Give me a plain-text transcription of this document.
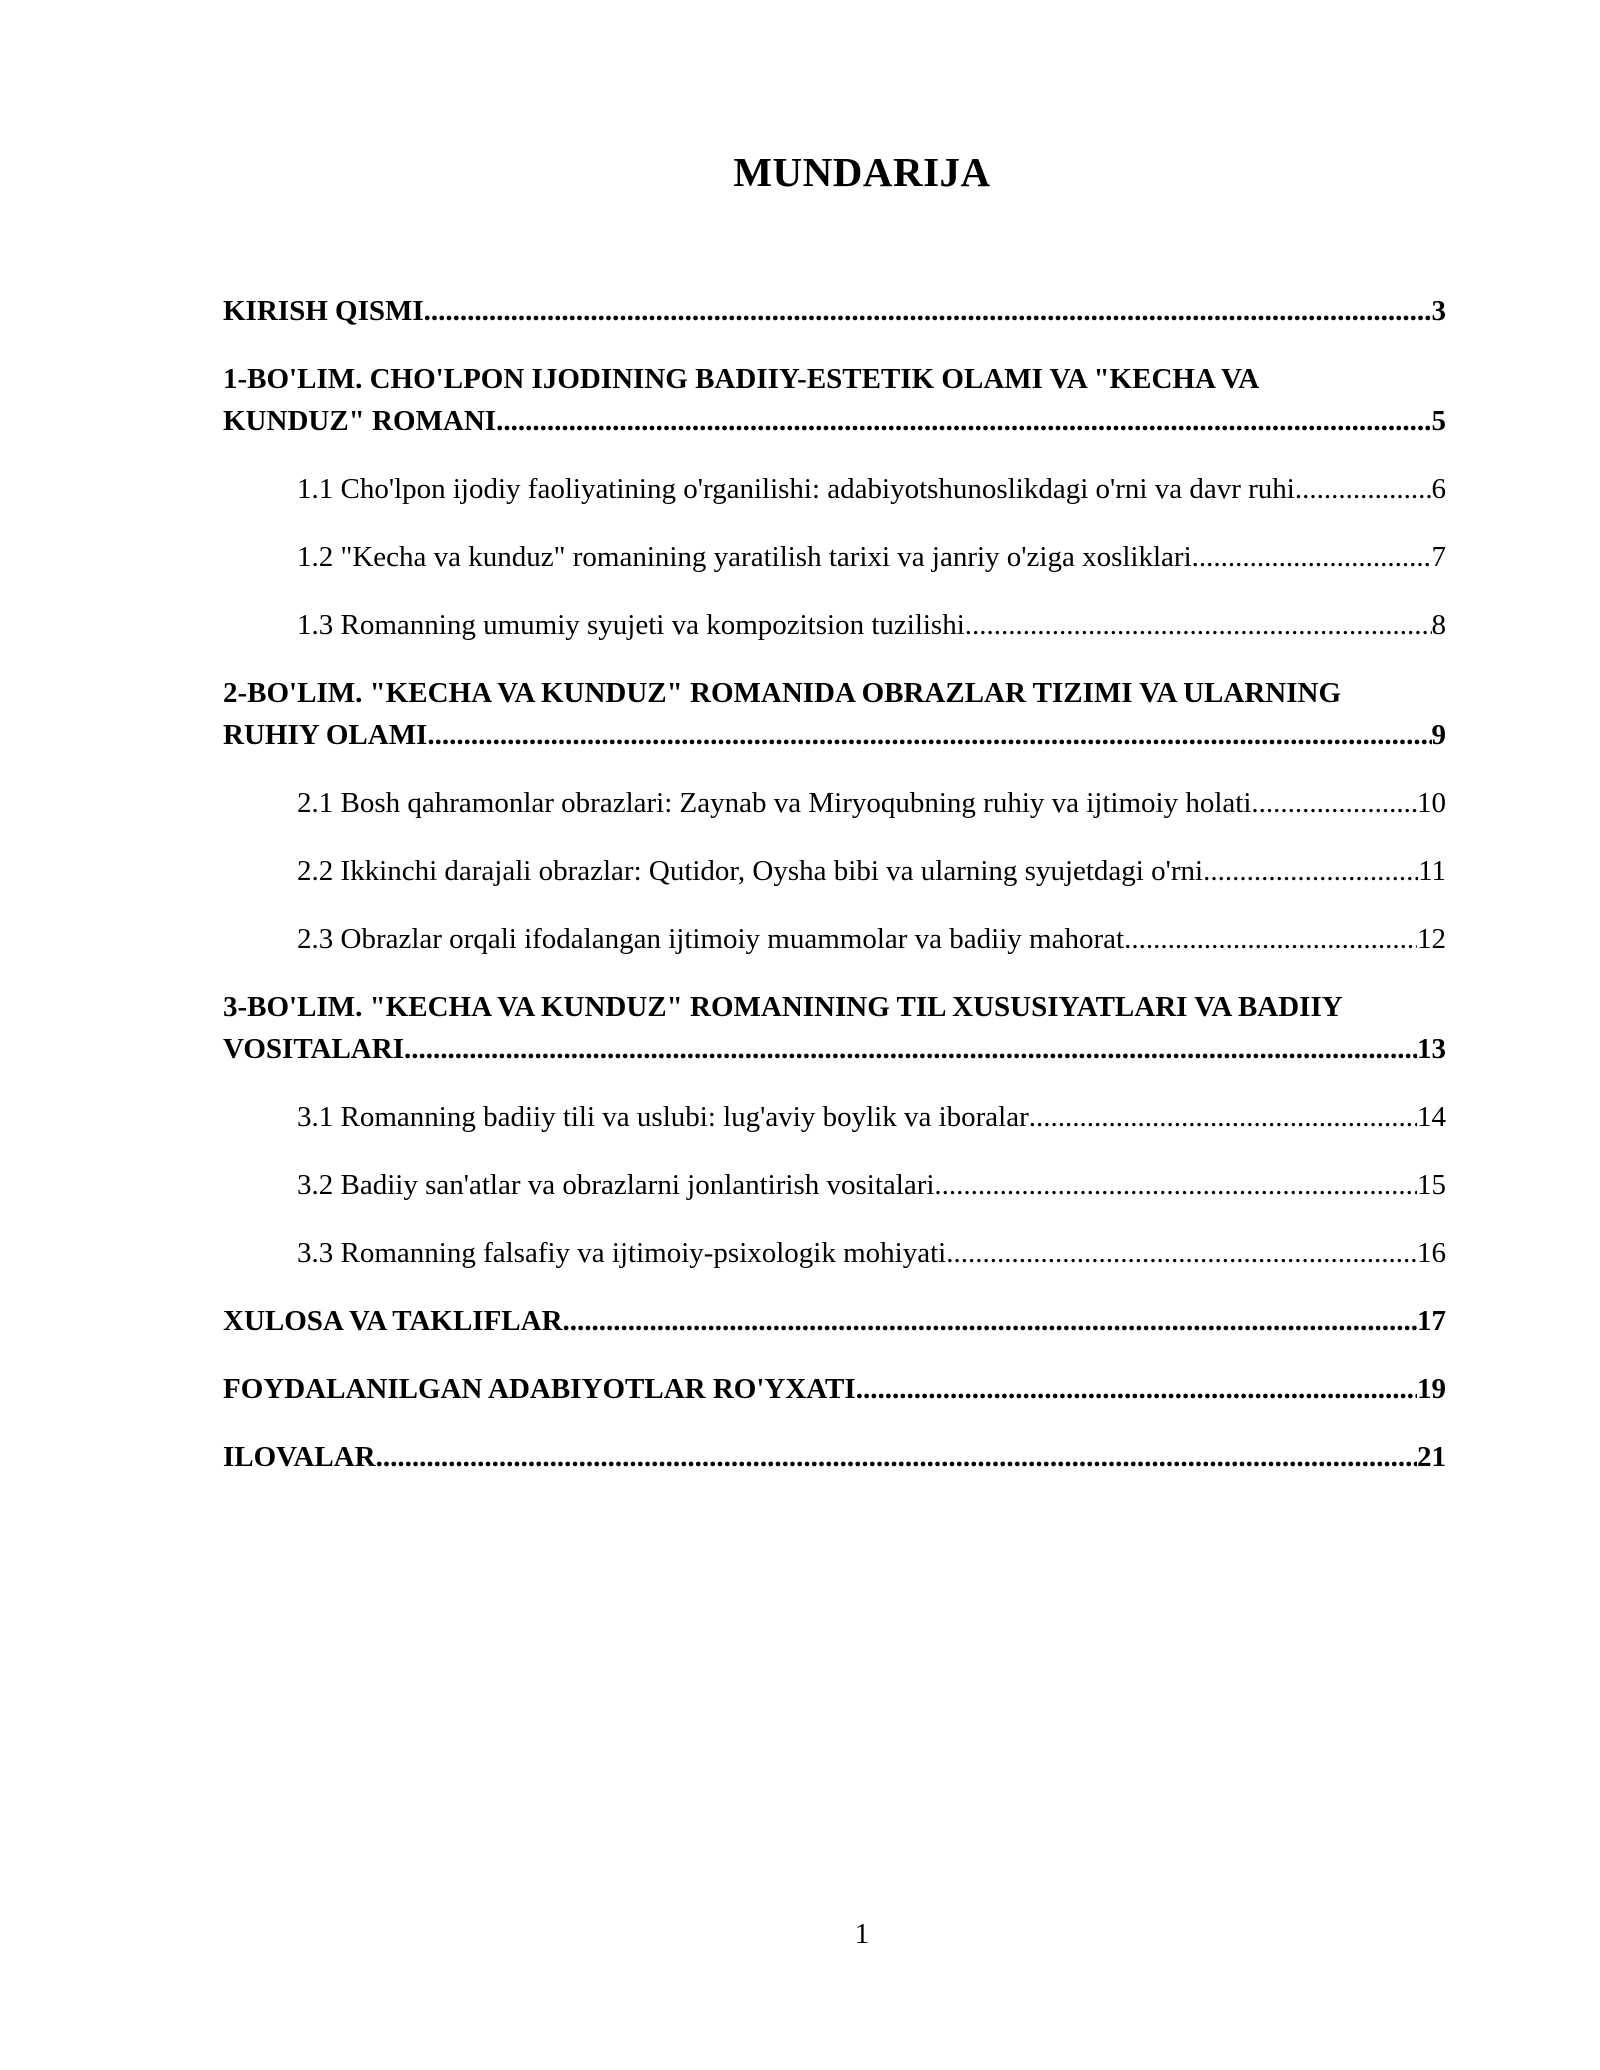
MUNDARIJA
KIRISH QISMI .....	3
1-BO'LIM. CHO'LPON IJODINING BADIIY-ESTETIK OLAMI VA "KECHA VA
KUNDUZ" ROMANI .....	5
1.1 Cho'lpon ijodiy faoliyatining o'rganilishi: adabiyotshunoslikdagi o'rni va davr ruhi .....	6
1.2 "Kecha va kunduz" romanining yaratilish tarixi va janriy o'ziga xosliklari .....	7
1.3 Romanning umumiy syujeti va kompozitsion tuzilishi .....	8
2-BO'LIM. "KECHA VA KUNDUZ" ROMANIDA OBRAZLAR TIZIMI VA ULARNING
RUHIY OLAMI .....	9
2.1 Bosh qahramonlar obrazlari: Zaynab va Miryoqubning ruhiy va ijtimoiy holati .....	10
2.2 Ikkinchi darajali obrazlar: Qutidor, Oysha bibi va ularning syujetdagi o'rni .....	11
2.3 Obrazlar orqali ifodalangan ijtimoiy muammolar va badiiy mahorat .....	12
3-BO'LIM. "KECHA VA KUNDUZ" ROMANINING TIL XUSUSIYATLARI VA BADIIY
VOSITALARI .....	13
3.1 Romanning badiiy tili va uslubi: lug'aviy boylik va iboralar .....	14
3.2 Badiiy san'atlar va obrazlarni jonlantirish vositalari .....	15
3.3 Romanning falsafiy va ijtimoiy-psixologik mohiyati .....	16
XULOSA VA TAKLIFLAR .....	17
FOYDALANILGAN ADABIYOTLAR RO'YXATI .....	19
ILOVALAR .....	21
1
